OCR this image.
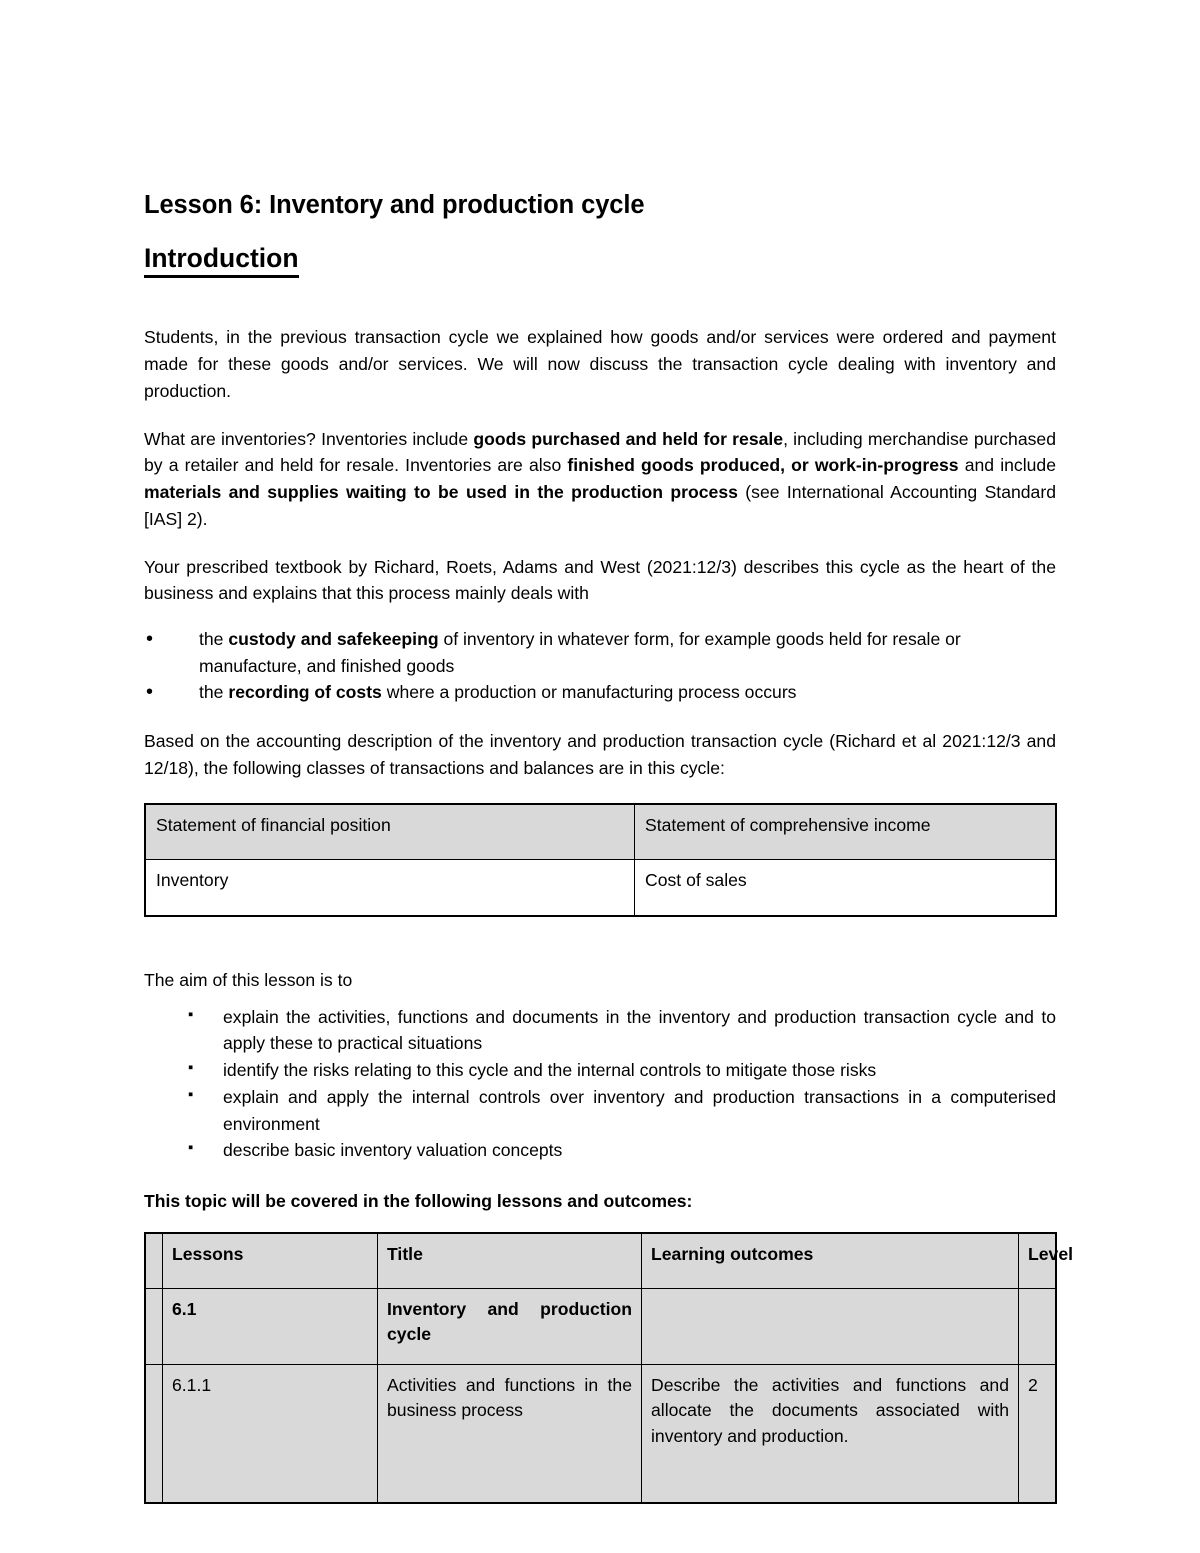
Lesson 6: Inventory and production cycle
Introduction

Students, in the previous transaction cycle we explained how goods and/or services were ordered and payment made for these goods and/or services. We will now discuss the transaction cycle dealing with inventory and production.

What are inventories? Inventories include goods purchased and held for resale, including merchandise purchased by a retailer and held for resale. Inventories are also finished goods produced, or work-in-progress and include materials and supplies waiting to be used in the production process (see International Accounting Standard [IAS] 2).

Your prescribed textbook by Richard, Roets, Adams and West (2021:12/3) describes this cycle as the heart of the business and explains that this process mainly deals with

• the custody and safekeeping of inventory in whatever form, for example goods held for resale or manufacture, and finished goods
• the recording of costs where a production or manufacturing process occurs

Based on the accounting description of the inventory and production transaction cycle (Richard et al 2021:12/3 and 12/18), the following classes of transactions and balances are in this cycle:

Statement of financial position	Statement of comprehensive income
Inventory	Cost of sales

The aim of this lesson is to

▪ explain the activities, functions and documents in the inventory and production transaction cycle and to apply these to practical situations
▪ identify the risks relating to this cycle and the internal controls to mitigate those risks
▪ explain and apply the internal controls over inventory and production transactions in a computerised environment
▪ describe basic inventory valuation concepts

This topic will be covered in the following lessons and outcomes:

	Lessons	Title	Learning outcomes	Level
	6.1	Inventory and production cycle		
	6.1.1	Activities and functions in the business process	Describe the activities and functions and allocate the documents associated with inventory and production.	2
